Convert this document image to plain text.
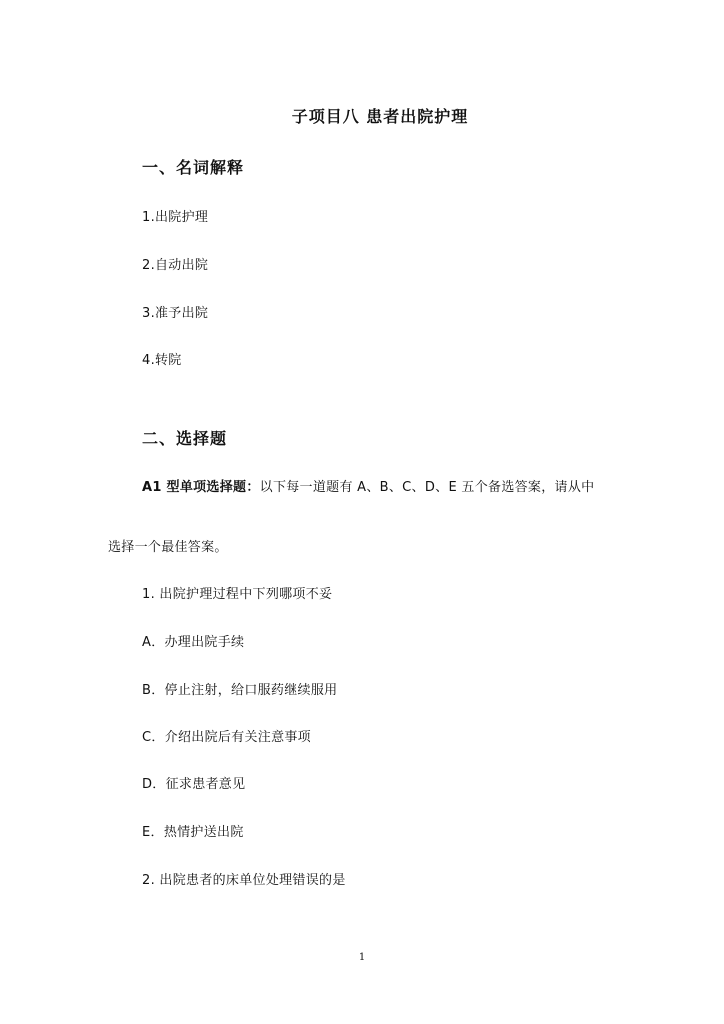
子项目八 患者出院护理
一、名词解释
1.出院护理
2.自动出院
3.准予出院
4.转院
二、选择题
A1 型单项选择题：以下每一道题有 A、B、C、D、E 五个备选答案，请从中
选择一个最佳答案。
1. 出院护理过程中下列哪项不妥
A．办理出院手续
B．停止注射，给口服药继续服用
C．介绍出院后有关注意事项
D．征求患者意见
E．热情护送出院
2. 出院患者的床单位处理错误的是
1
